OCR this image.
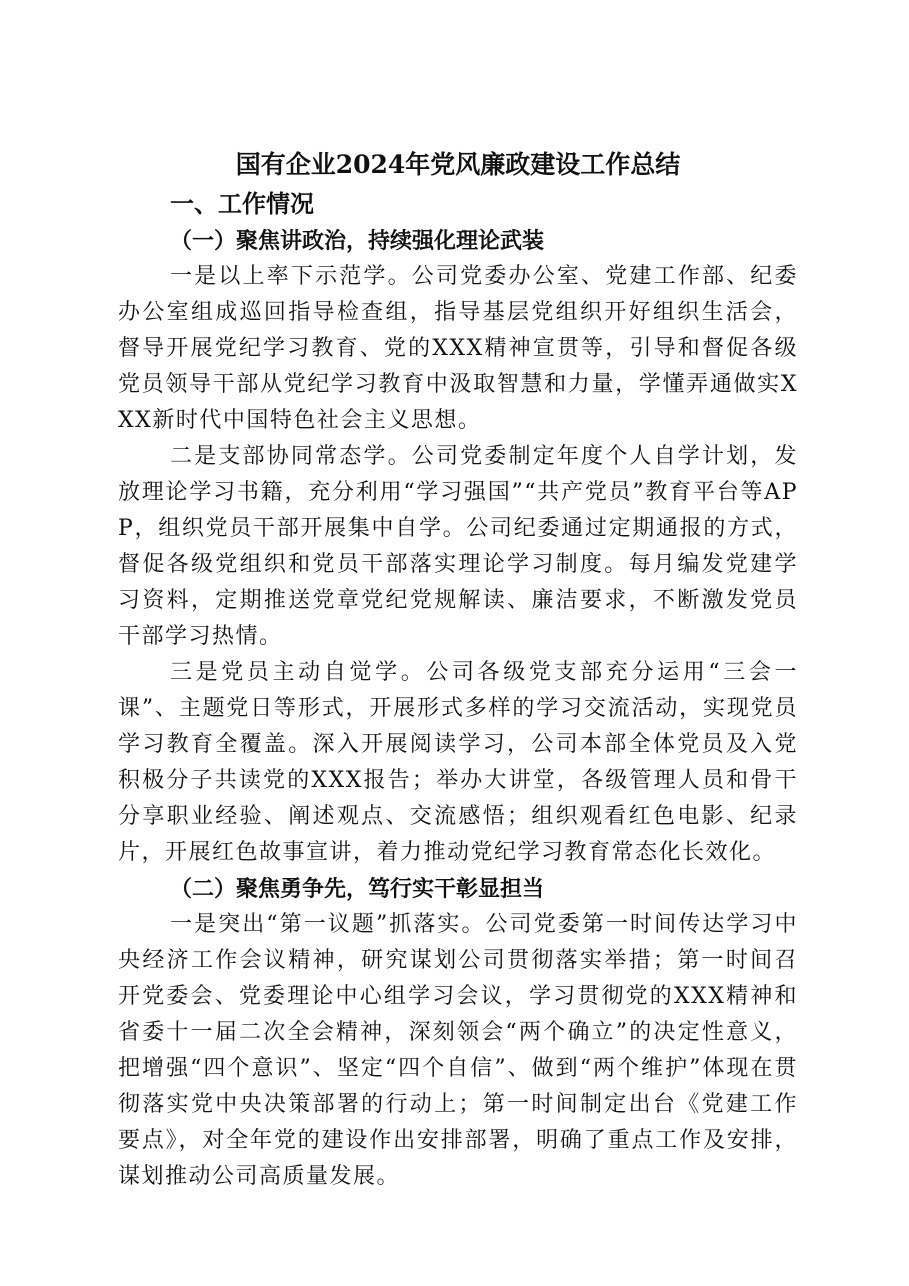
国有企业2024年党风廉政建设工作总结
一、工作情况
（一）聚焦讲政治，持续强化理论武装

一是以上率下示范学。公司党委办公室、党建工作部、纪委办公室组成巡回指导检查组，指导基层党组织开好组织生活会，督导开展党纪学习教育、党的XXX精神宣贯等，引导和督促各级党员领导干部从党纪学习教育中汲取智慧和力量，学懂弄通做实XXX新时代中国特色社会主义思想。

二是支部协同常态学。公司党委制定年度个人自学计划，发放理论学习书籍，充分利用“学习强国”“共产党员”教育平台等APP，组织党员干部开展集中自学。公司纪委通过定期通报的方式，督促各级党组织和党员干部落实理论学习制度。每月编发党建学习资料，定期推送党章党纪党规解读、廉洁要求，不断激发党员干部学习热情。

三是党员主动自觉学。公司各级党支部充分运用“三会一课”、主题党日等形式，开展形式多样的学习交流活动，实现党员学习教育全覆盖。深入开展阅读学习，公司本部全体党员及入党积极分子共读党的XXX报告；举办大讲堂，各级管理人员和骨干分享职业经验、阐述观点、交流感悟；组织观看红色电影、纪录片，开展红色故事宣讲，着力推动党纪学习教育常态化长效化。

（二）聚焦勇争先，笃行实干彰显担当

一是突出“第一议题”抓落实。公司党委第一时间传达学习中央经济工作会议精神，研究谋划公司贯彻落实举措；第一时间召开党委会、党委理论中心组学习会议，学习贯彻党的XXX精神和省委十一届二次全会精神，深刻领会“两个确立”的决定性意义，把增强“四个意识”、坚定“四个自信”、做到“两个维护”体现在贯彻落实党中央决策部署的行动上；第一时间制定出台《党建工作要点》，对全年党的建设作出安排部署，明确了重点工作及安排，谋划推动公司高质量发展。
